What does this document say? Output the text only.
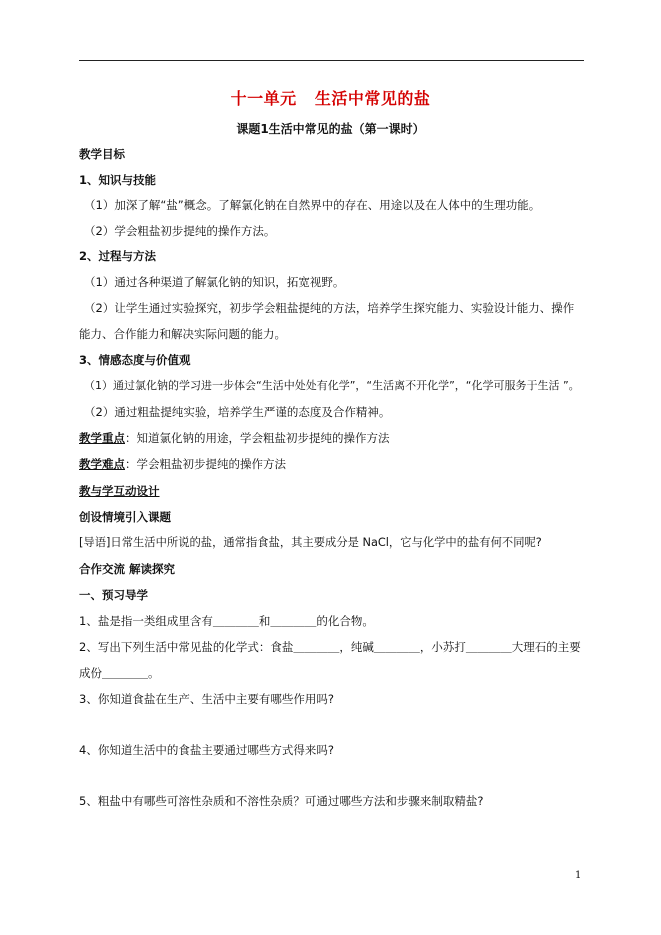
十一单元   生活中常见的盐
课题1生活中常见的盐（第一课时）
教学目标
1、知识与技能
（1）加深了解“盐”概念。了解氯化钠在自然界中的存在、用途以及在人体中的生理功能。
（2）学会粗盐初步提纯的操作方法。
2、过程与方法
（1）通过各种渠道了解氯化钠的知识，拓宽视野。
（2）让学生通过实验探究，初步学会粗盐提纯的方法，培养学生探究能力、实验设计能力、操作
能力、合作能力和解决实际问题的能力。
3、情感态度与价值观
（1）通过氯化钠的学习进一步体会“生活中处处有化学”，“生活离不开化学”，“化学可服务于生活 ”。
（2）通过粗盐提纯实验，培养学生严谨的态度及合作精神。
教学重点：知道氯化钠的用途，学会粗盐初步提纯的操作方法
教学难点：学会粗盐初步提纯的操作方法
教与学互动设计
创设情境引入课题
[导语]日常生活中所说的盐，通常指食盐，其主要成分是 NaCl，它与化学中的盐有何不同呢?
合作交流 解读探究
一、预习导学
1、盐是指一类组成里含有＿＿＿＿和＿＿＿＿的化合物。
2、写出下列生活中常见盐的化学式：食盐＿＿＿＿，纯碱＿＿＿＿，小苏打＿＿＿＿大理石的主要
成份＿＿＿＿。
3、你知道食盐在生产、生活中主要有哪些作用吗?
4、你知道生活中的食盐主要通过哪些方式得来吗?
5、粗盐中有哪些可溶性杂质和不溶性杂质？可通过哪些方法和步骤来制取精盐?
1
